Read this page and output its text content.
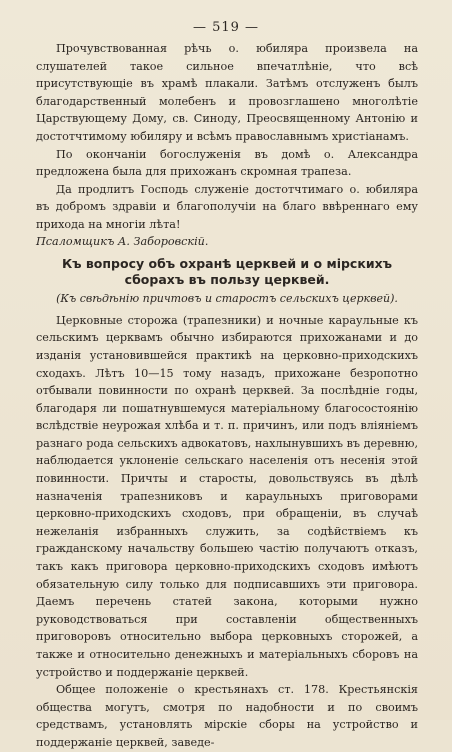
— 519 —

Прочувствованная рѣчь о. юбиляра произвела на слушателей такое сильное впечатлѣніе, что всѣ присутствующіе въ храмѣ плакали. Затѣмъ отслуженъ былъ благодарственный молебенъ и провозглашено многолѣтіе Царствующему Дому, св. Синоду, Преосвященному Антонію и достотчтимому юбиляру и всѣмъ православнымъ христіанамъ.

По окончаніи богослуженія въ домѣ о. Александра предложена была для прихожанъ скромная трапеза.

Да продлитъ Господь служеніе достотчтимаго о. юбиляра въ добромъ здравіи и благополучіи на благо ввѣреннаго ему прихода на многіи лѣта!

Псаломщикъ А. Заборовскій.

Къ вопросу объ охранѣ церквей и о мірскихъ сборахъ въ пользу церквей.
(Къ свѣдѣнію причтовъ и старостъ сельскихъ церквей).

Церковные сторожа (трапезники) и ночные караульные къ сельскимъ церквамъ обычно избираются прихожанами и до изданія установившейся практикѣ на церковно-приходскихъ сходахъ. Лѣтъ 10—15 тому назадъ, прихожане безропотно отбывали повинности по охранѣ церквей. За послѣдніе годы, благодаря ли пошатнувшемуся матеріальному благосостоянію вслѣдствіе неурожая хлѣба и т. п. причинъ, или подъ вліяніемъ разнаго рода сельскихъ адвокатовъ, нахлынувшихъ въ деревню, наблюдается уклоненіе сельскаго населенія отъ несенія этой повинности. Причты и старосты, довольствуясь въ дѣлѣ назначенія трапезниковъ и караульныхъ приговорами церковно-приходскихъ сходовъ, при обращеніи, въ случаѣ нежеланія избранныхъ служить, за содѣйствіемъ къ гражданскому начальству большею частію получаютъ отказъ, такъ какъ приговора церковно-приходскихъ сходовъ имѣютъ обязательную силу только для подписавшихъ эти приговора. Даемъ перечень статей закона, которыми нужно руководствоваться при составленіи общественныхъ приговоровъ относительно выбора церковныхъ сторожей, а также и относительно денежныхъ и матеріальныхъ сборовъ на устройство и поддержаніе церквей.

Общее положеніе о крестьянахъ ст. 178. Крестьянскія общества могутъ, смотря по надобности и по своимъ средствамъ, установлять мірскіе сборы на устройство и поддержаніе церквей, заведе-
